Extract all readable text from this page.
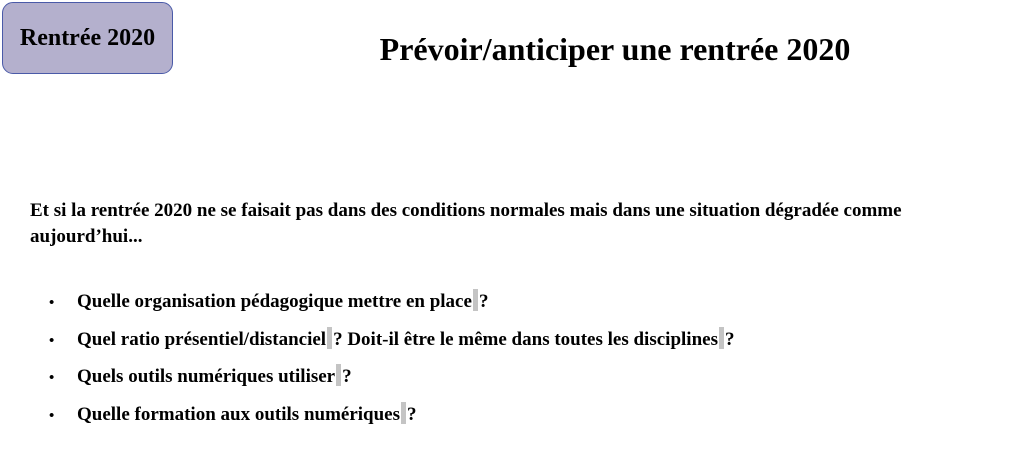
Rentrée 2020	Prévoir/anticiper une rentrée 2020

Et si la rentrée 2020 ne se faisait pas dans des conditions normales mais dans une situation dégradée comme aujourd’hui...

•	Quelle organisation pédagogique mettre en place ?
•	Quel ratio présentiel/distanciel ? Doit-il être le même dans toutes les disciplines ?
•	Quels outils numériques utiliser ?
•	Quelle formation aux outils numériques ?
